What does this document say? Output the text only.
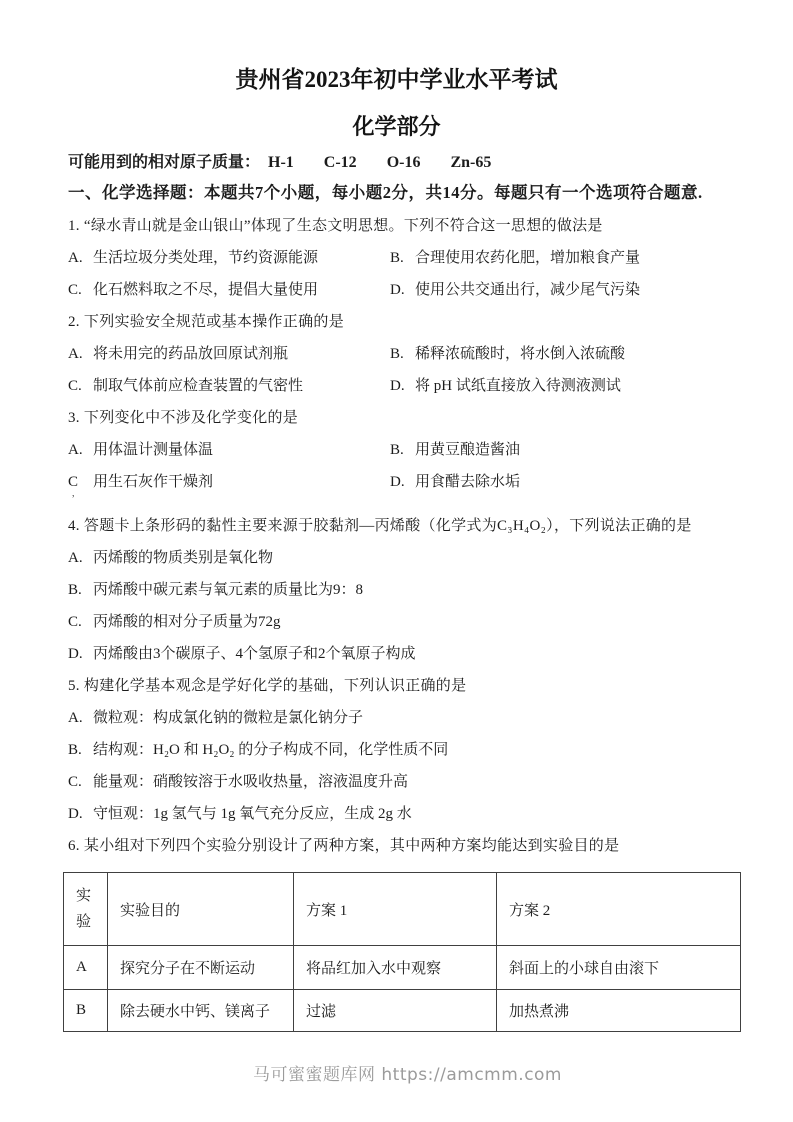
贵州省2023年初中学业水平考试
化学部分
可能用到的相对原子质量： H-1 C-12 O-16 Zn-65
一、化学选择题：本题共7个小题，每小题2分，共14分。每题只有一个选项符合题意.
1. “绿水青山就是金山银山”体现了生态文明思想。下列不符合这一思想的做法是
A. 生活垃圾分类处理，节约资源能源	B. 合理使用农药化肥，增加粮食产量
C. 化石燃料取之不尽，提倡大量使用	D. 使用公共交通出行，减少尾气污染
2. 下列实验安全规范或基本操作正确的是
A. 将未用完的药品放回原试剂瓶	B. 稀释浓硫酸时，将水倒入浓硫酸
C. 制取气体前应检查装置的气密性	D. 将 pH 试纸直接放入待测液测试
3. 下列变化中不涉及化学变化的是
A. 用体温计测量体温	B. 用黄豆酿造酱油
C 用生石灰作干燥剂
,
D. 用食醋去除水垢
4. 答题卡上条形码的黏性主要来源于胶黏剂—丙烯酸（化学式为C₃H₄O₂），下列说法正确的是
A. 丙烯酸的物质类别是氧化物
B. 丙烯酸中碳元素与氧元素的质量比为9：8
C. 丙烯酸的相对分子质量为72g
D. 丙烯酸由3个碳原子、4个氢原子和2个氧原子构成
5. 构建化学基本观念是学好化学的基础，下列认识正确的是
A. 微粒观：构成氯化钠的微粒是氯化钠分子
B. 结构观：H₂O 和 H₂O₂ 的分子构成不同，化学性质不同
C. 能量观：硝酸铵溶于水吸收热量，溶液温度升高
D. 守恒观：1g 氢气与 1g 氧气充分反应，生成 2g 水
6. 某小组对下列四个实验分别设计了两种方案，其中两种方案均能达到实验目的是
实验	实验目的	方案 1	方案 2
A	探究分子在不断运动	将品红加入水中观察	斜面上的小球自由滚下
B	除去硬水中钙、镁离子	过滤	加热煮沸
马可蜜蜜题库网 https://amcmm.com
